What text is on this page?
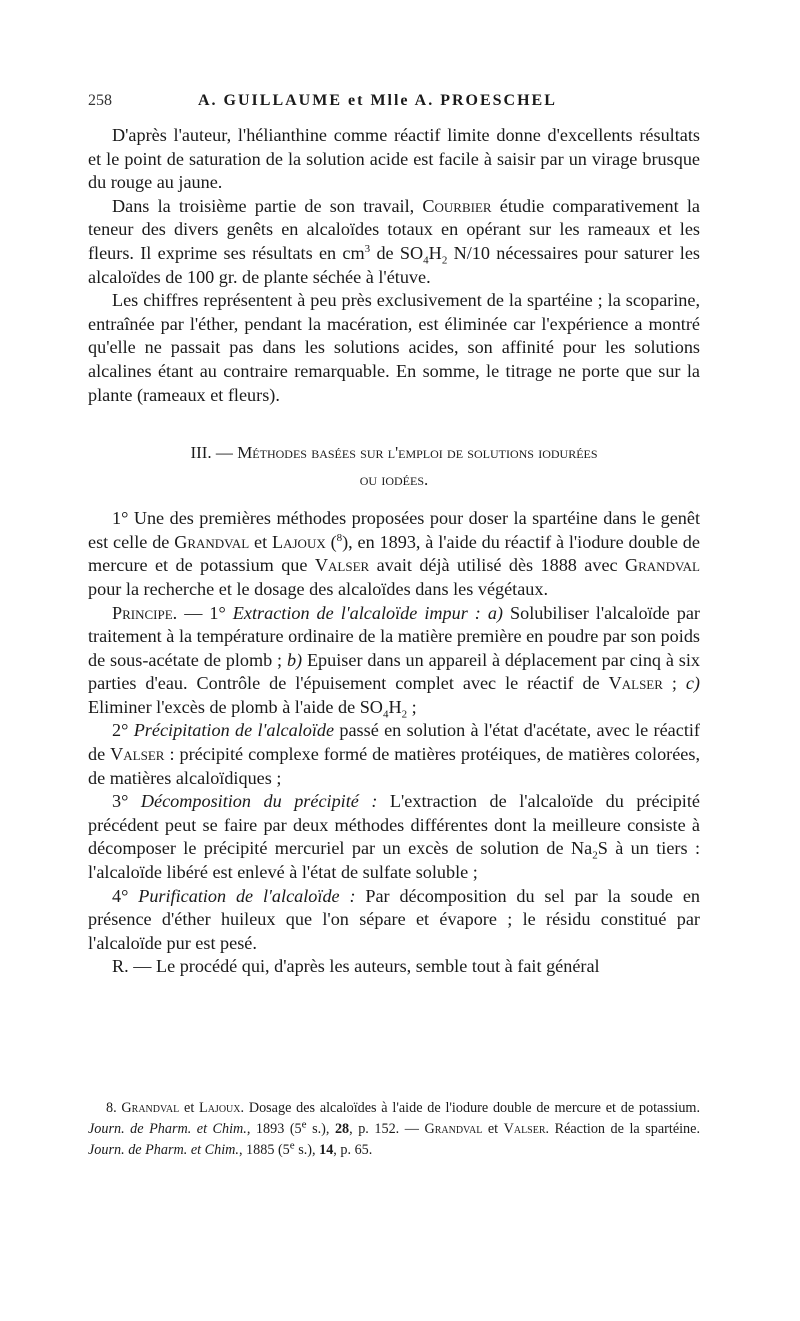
258	A. GUILLAUME et Mlle A. PROESCHEL

D'après l'auteur, l'hélianthine comme réactif limite donne d'excellents résultats et le point de saturation de la solution acide est facile à saisir par un virage brusque du rouge au jaune.

Dans la troisième partie de son travail, Courbier étudie comparativement la teneur des divers genêts en alcaloïdes totaux en opérant sur les rameaux et les fleurs. Il exprime ses résultats en $cm^3$ de $SO_4H_2$ N/10 nécessaires pour saturer les alcaloïdes de 100 gr. de plante séchée à l'étuve.

Les chiffres représentent à peu près exclusivement de la spartéine ; la scoparine, entraînée par l'éther, pendant la macération, est éliminée car l'expérience a montré qu'elle ne passait pas dans les solutions acides, son affinité pour les solutions alcalines étant au contraire remarquable. En somme, le titrage ne porte que sur la plante (rameaux et fleurs).

III. — Méthodes basées sur l'emploi de solutions iodurées
ou iodées.

1° Une des premières méthodes proposées pour doser la spartéine dans le genêt est celle de Grandval et Lajoux ($^8$), en 1893, à l'aide du réactif à l'iodure double de mercure et de potassium que Valser avait déjà utilisé dès 1888 avec Grandval pour la recherche et le dosage des alcaloïdes dans les végétaux.

Principe. — 1° Extraction de l'alcaloïde impur : a) Solubiliser l'alcaloïde par traitement à la température ordinaire de la matière première en poudre par son poids de sous-acétate de plomb ; b) Epuiser dans un appareil à déplacement par cinq à six parties d'eau. Contrôle de l'épuisement complet avec le réactif de Valser ; c) Eliminer l'excès de plomb à l'aide de $SO_4H_2$ ;

2° Précipitation de l'alcaloïde passé en solution à l'état d'acétate, avec le réactif de Valser : précipité complexe formé de matières protéiques, de matières colorées, de matières alcaloïdiques ;

3° Décomposition du précipité : L'extraction de l'alcaloïde du précipité précédent peut se faire par deux méthodes différentes dont la meilleure consiste à décomposer le précipité mercuriel par un excès de solution de $Na_2S$ à un tiers : l'alcaloïde libéré est enlevé à l'état de sulfate soluble ;

4° Purification de l'alcaloïde : Par décomposition du sel par la soude en présence d'éther huileux que l'on sépare et évapore ; le résidu constitué par l'alcaloïde pur est pesé.

R. — Le procédé qui, d'après les auteurs, semble tout à fait général

8. Grandval et Lajoux. Dosage des alcaloïdes à l'aide de l'iodure double de mercure et de potassium. Journ. de Pharm. et Chim., 1893 (5e s.), 28, p. 152. — Grandval et Valser. Réaction de la spartéine. Journ. de Pharm. et Chim., 1885 (5e s.), 14, p. 65.
